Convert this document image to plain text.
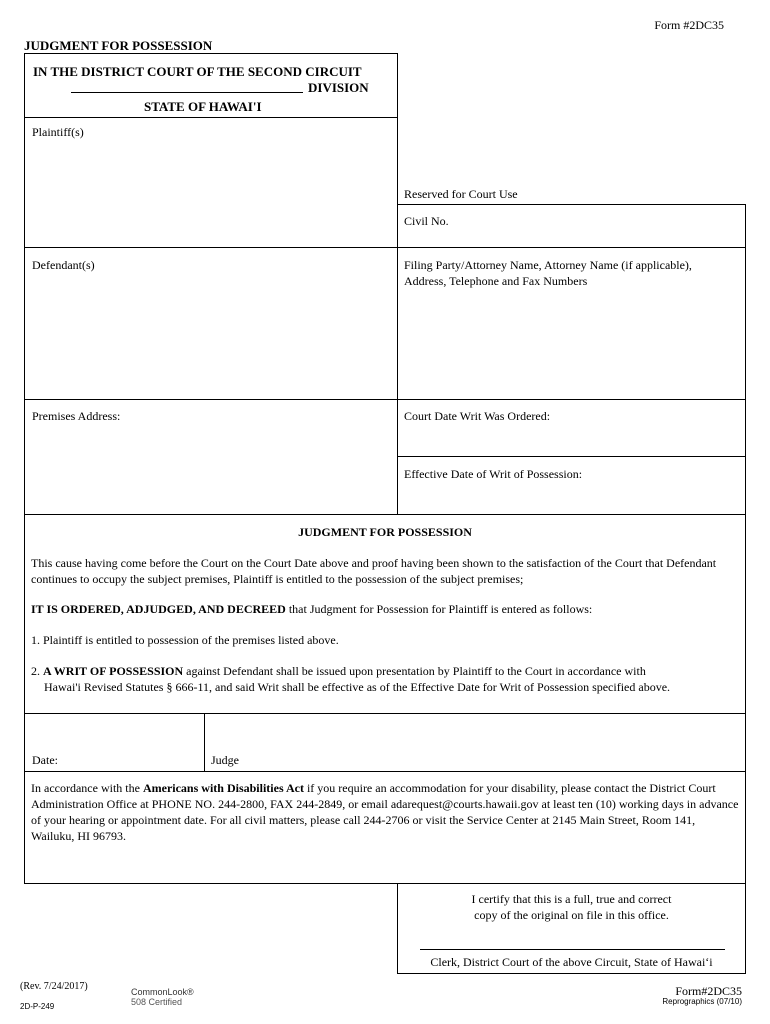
Form #2DC35
JUDGMENT FOR POSSESSION
IN THE DISTRICT COURT OF THE SECOND CIRCUIT
DIVISION
STATE OF HAWAI'I
Plaintiff(s)
Reserved for Court Use
Civil No.
Defendant(s)	Filing Party/Attorney Name, Attorney Name (if applicable), Address, Telephone and Fax Numbers
Premises Address:	Court Date Writ Was Ordered:
Effective Date of Writ of Possession:
JUDGMENT FOR POSSESSION
This cause having come before the Court on the Court Date above and proof having been shown to the satisfaction of the Court that Defendant continues to occupy the subject premises, Plaintiff is entitled to the possession of the subject premises;
IT IS ORDERED, ADJUDGED, AND DECREED that Judgment for Possession for Plaintiff is entered as follows:
1. Plaintiff is entitled to possession of the premises listed above.
2. A WRIT OF POSSESSION against Defendant shall be issued upon presentation by Plaintiff to the Court in accordance with
Hawai'i Revised Statutes § 666-11, and said Writ shall be effective as of the Effective Date for Writ of Possession specified above.
Date:	Judge
In accordance with the Americans with Disabilities Act if you require an accommodation for your disability, please contact the District Court Administration Office at PHONE NO. 244-2800, FAX 244-2849, or email adarequest@courts.hawaii.gov at least ten (10) working days in advance of your hearing or appointment date. For all civil matters, please call 244-2706 or visit the Service Center at 2145 Main Street, Room 141, Wailuku, HI 96793.
I certify that this is a full, true and correct
copy of the original on file in this office.
Clerk, District Court of the above Circuit, State of Hawai‘i
(Rev. 7/24/2017)
2D-P-249
CommonLook®
508 Certified
Form#2DC35
Reprographics (07/10)
